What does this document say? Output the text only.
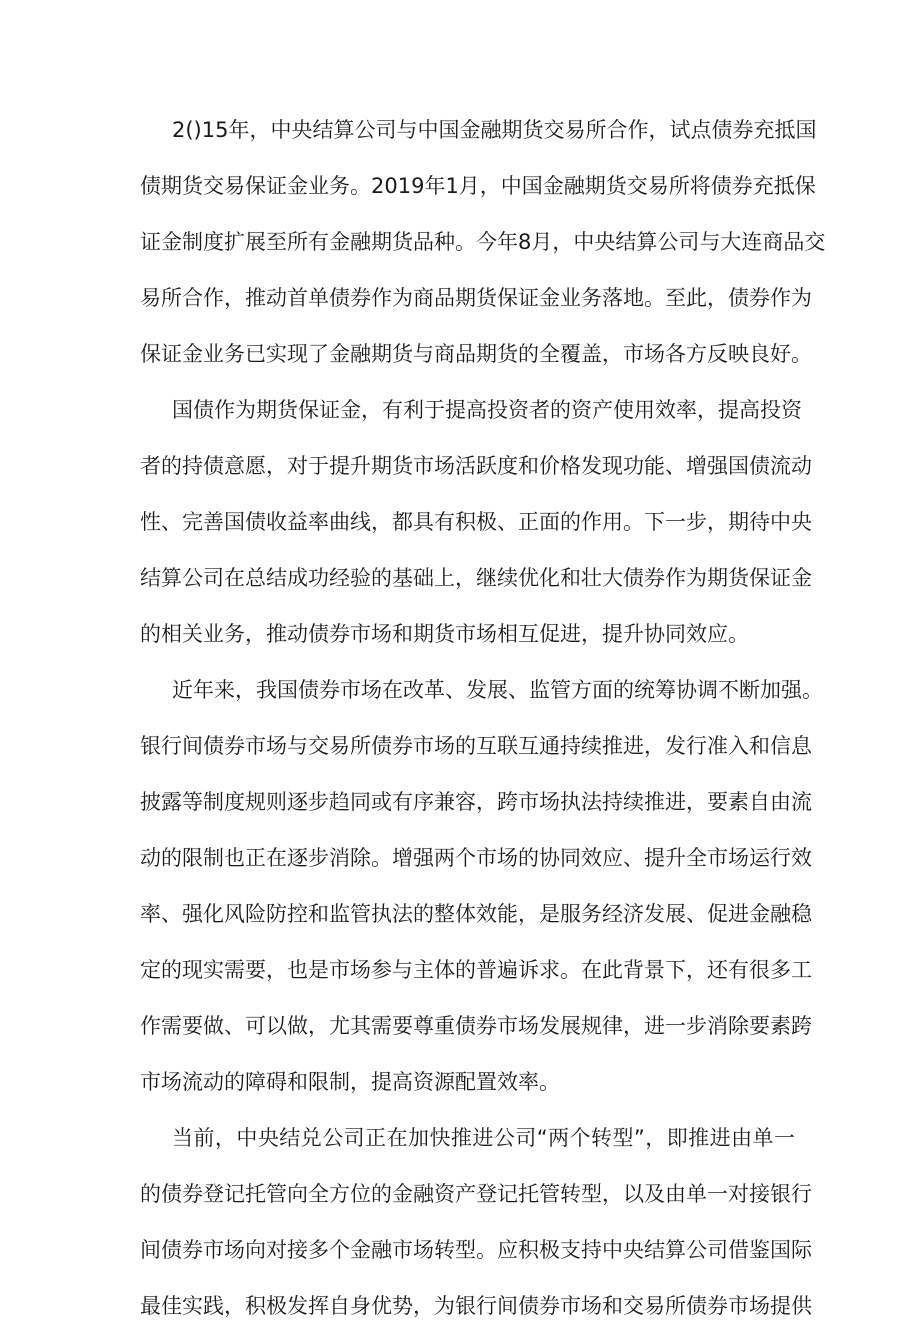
2()15年，中央结算公司与中国金融期货交易所合作，试点债券充抵国
债期货交易保证金业务。2019年1月，中国金融期货交易所将债券充抵保
证金制度扩展至所有金融期货品种。今年8月，中央结算公司与大连商品交
易所合作，推动首单债券作为商品期货保证金业务落地。至此，债券作为
保证金业务已实现了金融期货与商品期货的全覆盖，市场各方反映良好。
国债作为期货保证金，有利于提高投资者的资产使用效率，提高投资
者的持债意愿，对于提升期货市场活跃度和价格发现功能、增强国债流动
性、完善国债收益率曲线，都具有积极、正面的作用。下一步，期待中央
结算公司在总结成功经验的基础上，继续优化和壮大债券作为期货保证金
的相关业务，推动债券市场和期货市场相互促进，提升协同效应。
近年来，我国债券市场在改革、发展、监管方面的统筹协调不断加强。
银行间债券市场与交易所债券市场的互联互通持续推进，发行准入和信息
披露等制度规则逐步趋同或有序兼容，跨市场执法持续推进，要素自由流
动的限制也正在逐步消除。增强两个市场的协同效应、提升全市场运行效
率、强化风险防控和监管执法的整体效能，是服务经济发展、促进金融稳
定的现实需要，也是市场参与主体的普遍诉求。在此背景下，还有很多工
作需要做、可以做，尤其需要尊重债券市场发展规律，进一步消除要素跨
市场流动的障碍和限制，提高资源配置效率。
当前，中央结兑公司正在加快推进公司“两个转型”，即推进由单一
的债券登记托管向全方位的金融资产登记托管转型，以及由单一对接银行
间债券市场向对接多个金融市场转型。应积极支持中央结算公司借鉴国际
最佳实践，积极发挥自身优势，为银行间债券市场和交易所债券市场提供
